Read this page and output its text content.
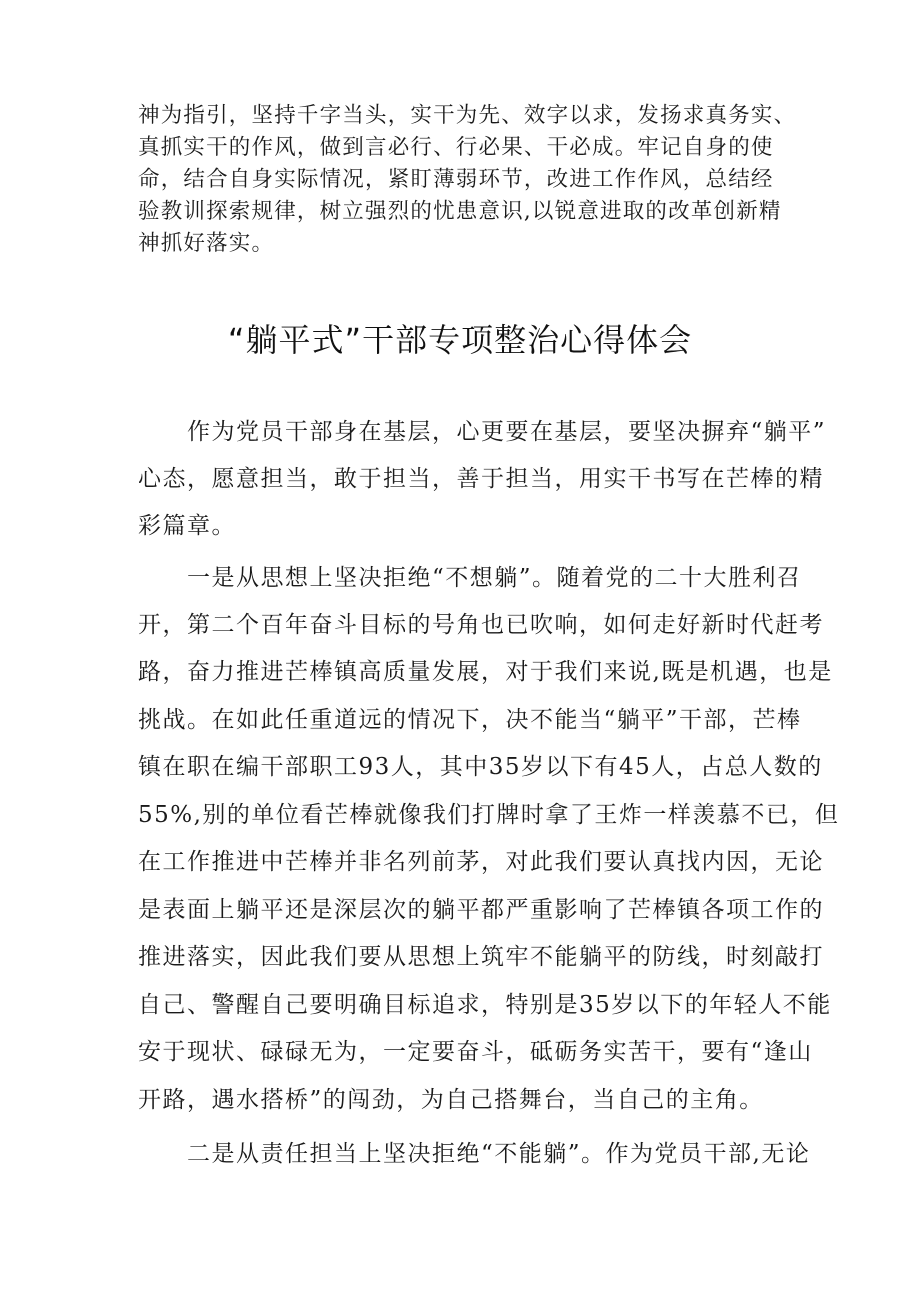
神为指引，坚持千字当头，实干为先、效字以求，发扬求真务实、
真抓实干的作风，做到言必行、行必果、干必成。牢记自身的使
命，结合自身实际情况，紧盯薄弱环节，改进工作作风，总结经
验教训探索规律，树立强烈的忧患意识,以锐意进取的改革创新精
神抓好落实。
“躺平式”干部专项整治心得体会
　　作为党员干部身在基层，心更要在基层，要坚决摒弃“躺平”
心态，愿意担当，敢于担当，善于担当，用实干书写在芒棒的精
彩篇章。
　　一是从思想上坚决拒绝“不想躺”。随着党的二十大胜利召
开，第二个百年奋斗目标的号角也已吹响，如何走好新时代赶考
路，奋力推进芒棒镇高质量发展，对于我们来说,既是机遇，也是
挑战。在如此任重道远的情况下，决不能当“躺平”干部，芒棒
镇在职在编干部职工93人，其中35岁以下有45人，占总人数的
55%,别的单位看芒棒就像我们打牌时拿了王炸一样羡慕不已，但
在工作推进中芒棒并非名列前茅，对此我们要认真找内因，无论
是表面上躺平还是深层次的躺平都严重影响了芒棒镇各项工作的
推进落实，因此我们要从思想上筑牢不能躺平的防线，时刻敲打
自己、警醒自己要明确目标追求，特别是35岁以下的年轻人不能
安于现状、碌碌无为，一定要奋斗，砥砺务实苦干，要有“逢山
开路，遇水搭桥”的闯劲，为自己搭舞台，当自己的主角。
　　二是从责任担当上坚决拒绝“不能躺”。作为党员干部,无论
